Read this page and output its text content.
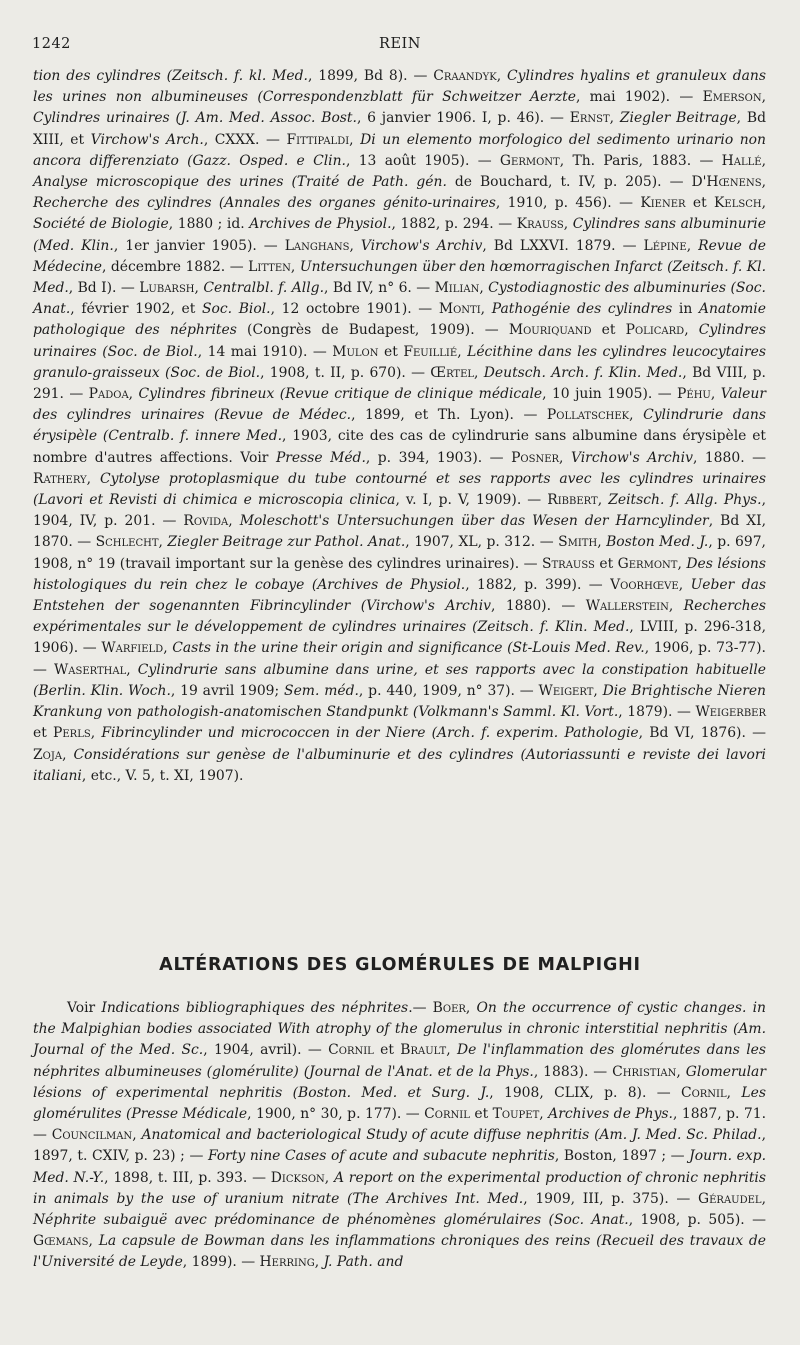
1242	REIN

tion des cylindres (Zeitsch. f. kl. Med., 1899, Bd 8). — Craandyk, Cylindres hyalins et granuleux dans les urines non albumineuses (Correspondenzblatt für Schweitzer Aerzte, mai 1902). — Emerson, Cylindres urinaires (J. Am. Med. Assoc. Bost., 6 janvier 1906. I, p. 46). — Ernst, Ziegler Beitrage, Bd XIII, et Virchow's Arch., CXXX. — Fittipaldi, Di un elemento morfologico del sedimento urinario non ancora differenziato (Gazz. Osped. e Clin., 13 août 1905). — Germont, Th. Paris, 1883. — Hallé, Analyse microscopique des urines (Traité de Path. gén. de Bouchard, t. IV, p. 205). — D'Hœnens, Recherche des cylindres (Annales des organes génito-urinaires, 1910, p. 456). — Kiener et Kelsch, Société de Biologie, 1880 ; id. Archives de Physiol., 1882, p. 294. — Krauss, Cylindres sans albuminurie (Med. Klin., 1er janvier 1905). — Langhans, Virchow's Archiv, Bd LXXVI. 1879. — Lépine, Revue de Médecine, décembre 1882. — Litten, Untersuchungen über den hœmorragischen Infarct (Zeitsch. f. Kl. Med., Bd I). — Lubarsh, Centralbl. f. Allg., Bd IV, n° 6. — Milian, Cystodiagnostic des albuminuries (Soc. Anat., février 1902, et Soc. Biol., 12 octobre 1901). — Monti, Pathogénie des cylindres in Anatomie pathologique des néphrites (Congrès de Budapest, 1909). — Mouriquand et Policard, Cylindres urinaires (Soc. de Biol., 14 mai 1910). — Mulon et Feuillié, Lécithine dans les cylindres leucocytaires granulo-graisseux (Soc. de Biol., 1908, t. II, p. 670). — Œrtel, Deutsch. Arch. f. Klin. Med., Bd VIII, p. 291. — Padoa, Cylindres fibrineux (Revue critique de clinique médicale, 10 juin 1905). — Péhu, Valeur des cylindres urinaires (Revue de Médec., 1899, et Th. Lyon). — Pollatschek, Cylindrurie dans érysipèle (Centralb. f. innere Med., 1903, cite des cas de cylindrurie sans albumine dans érysipèle et nombre d'autres affections. Voir Presse Méd., p. 394, 1903). — Posner, Virchow's Archiv, 1880. — Rathery, Cytolyse protoplasmique du tube contourné et ses rapports avec les cylindres urinaires (Lavori et Revisti di chimica e microscopia clinica, v. I, p. V, 1909). — Ribbert, Zeitsch. f. Allg. Phys., 1904, IV, p. 201. — Rovida, Moleschott's Untersuchungen über das Wesen der Harncylinder, Bd XI, 1870. — Schlecht, Ziegler Beitrage zur Pathol. Anat., 1907, XL, p. 312. — Smith, Boston Med. J., p. 697, 1908, n° 19 (travail important sur la genèse des cylindres urinaires). — Strauss et Germont, Des lésions histologiques du rein chez le cobaye (Archives de Physiol., 1882, p. 399). — Voorhœve, Ueber das Entstehen der sogenannten Fibrincylinder (Virchow's Archiv, 1880). — Wallerstein, Recherches expérimentales sur le développement de cylindres urinaires (Zeitsch. f. Klin. Med., LVIII, p. 296-318, 1906). — Warfield, Casts in the urine their origin and significance (St-Louis Med. Rev., 1906, p. 73-77). — Waserthal, Cylindrurie sans albumine dans urine, et ses rapports avec la constipation habituelle (Berlin. Klin. Woch., 19 avril 1909; Sem. méd., p. 440, 1909, n° 37). — Weigert, Die Brightische Nieren Krankung von pathologish-anatomischen Standpunkt (Volkmann's Samml. Kl. Vort., 1879). — Weigerber et Perls, Fibrincylinder und micrococcen in der Niere (Arch. f. experim. Pathologie, Bd VI, 1876). — Zoja, Considérations sur genèse de l'albuminurie et des cylindres (Autoriassunti e reviste dei lavori italiani, etc., V. 5, t. XI, 1907).

ALTÉRATIONS DES GLOMÉRULES DE MALPIGHI

Voir Indications bibliographiques des néphrites.— Boer, On the occurrence of cystic changes. in the Malpighian bodies associated With atrophy of the glomerulus in chronic interstitial nephritis (Am. Journal of the Med. Sc., 1904, avril). — Cornil et Brault, De l'inflammation des glomérutes dans les néphrites albumineuses (glomérulite) (Journal de l'Anat. et de la Phys., 1883). — Christian, Glomerular lésions of experimental nephritis (Boston. Med. et Surg. J., 1908, CLIX, p. 8). — Cornil, Les glomérulites (Presse Médicale, 1900, n° 30, p. 177). — Cornil et Toupet, Archives de Phys., 1887, p. 71. — Councilman, Anatomical and bacteriological Study of acute diffuse nephritis (Am. J. Med. Sc. Philad., 1897, t. CXIV, p. 23) ; — Forty nine Cases of acute and subacute nephritis, Boston, 1897 ; — Journ. exp. Med. N.-Y., 1898, t. III, p. 393. — Dickson, A report on the experimental production of chronic nephritis in animals by the use of uranium nitrate (The Archives Int. Med., 1909, III, p. 375). — Géraudel, Néphrite subaiguë avec prédominance de phénomènes glomérulaires (Soc. Anat., 1908, p. 505). — Gœmans, La capsule de Bowman dans les inflammations chroniques des reins (Recueil des travaux de l'Université de Leyde, 1899). — Herring, J. Path. and
